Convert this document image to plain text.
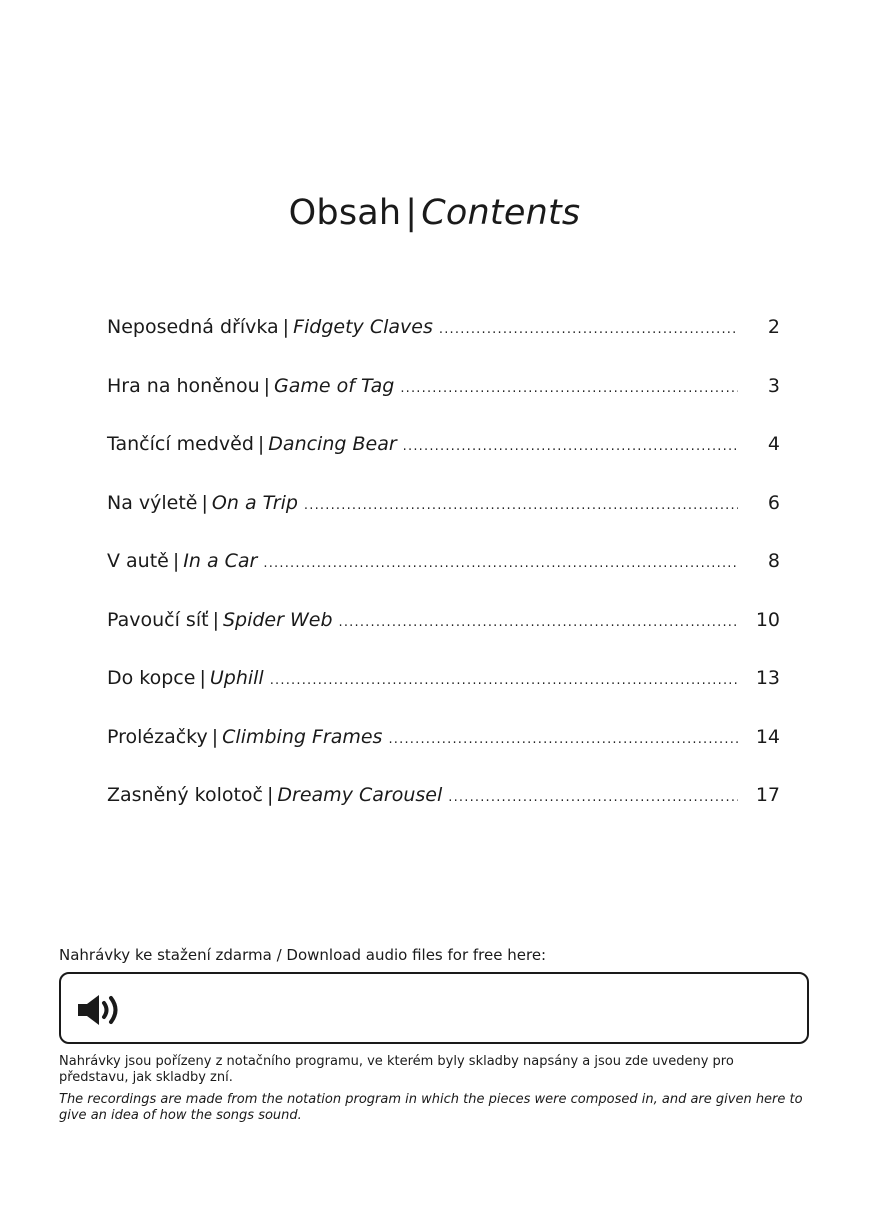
Obsah | Contents
Neposedná dřívka | Fidgety Claves .....	2
Hra na honěnou | Game of Tag .....	3
Tančící medvěd | Dancing Bear .....	4
Na výletě | On a Trip .....	6
V autě | In a Car .....	8
Pavoučí síť | Spider Web .....	10
Do kopce | Uphill .....	13
Prolézačky | Climbing Frames .....	14
Zasněný kolotoč | Dreamy Carousel .....	17
Nahrávky ke stažení zdarma / Download audio files for free here:
Nahrávky jsou pořízeny z notačního programu, ve kterém byly skladby napsány a jsou zde uvedeny pro představu, jak skladby zní.
The recordings are made from the notation program in which the pieces were composed in, and are given here to give an idea of how the songs sound.
